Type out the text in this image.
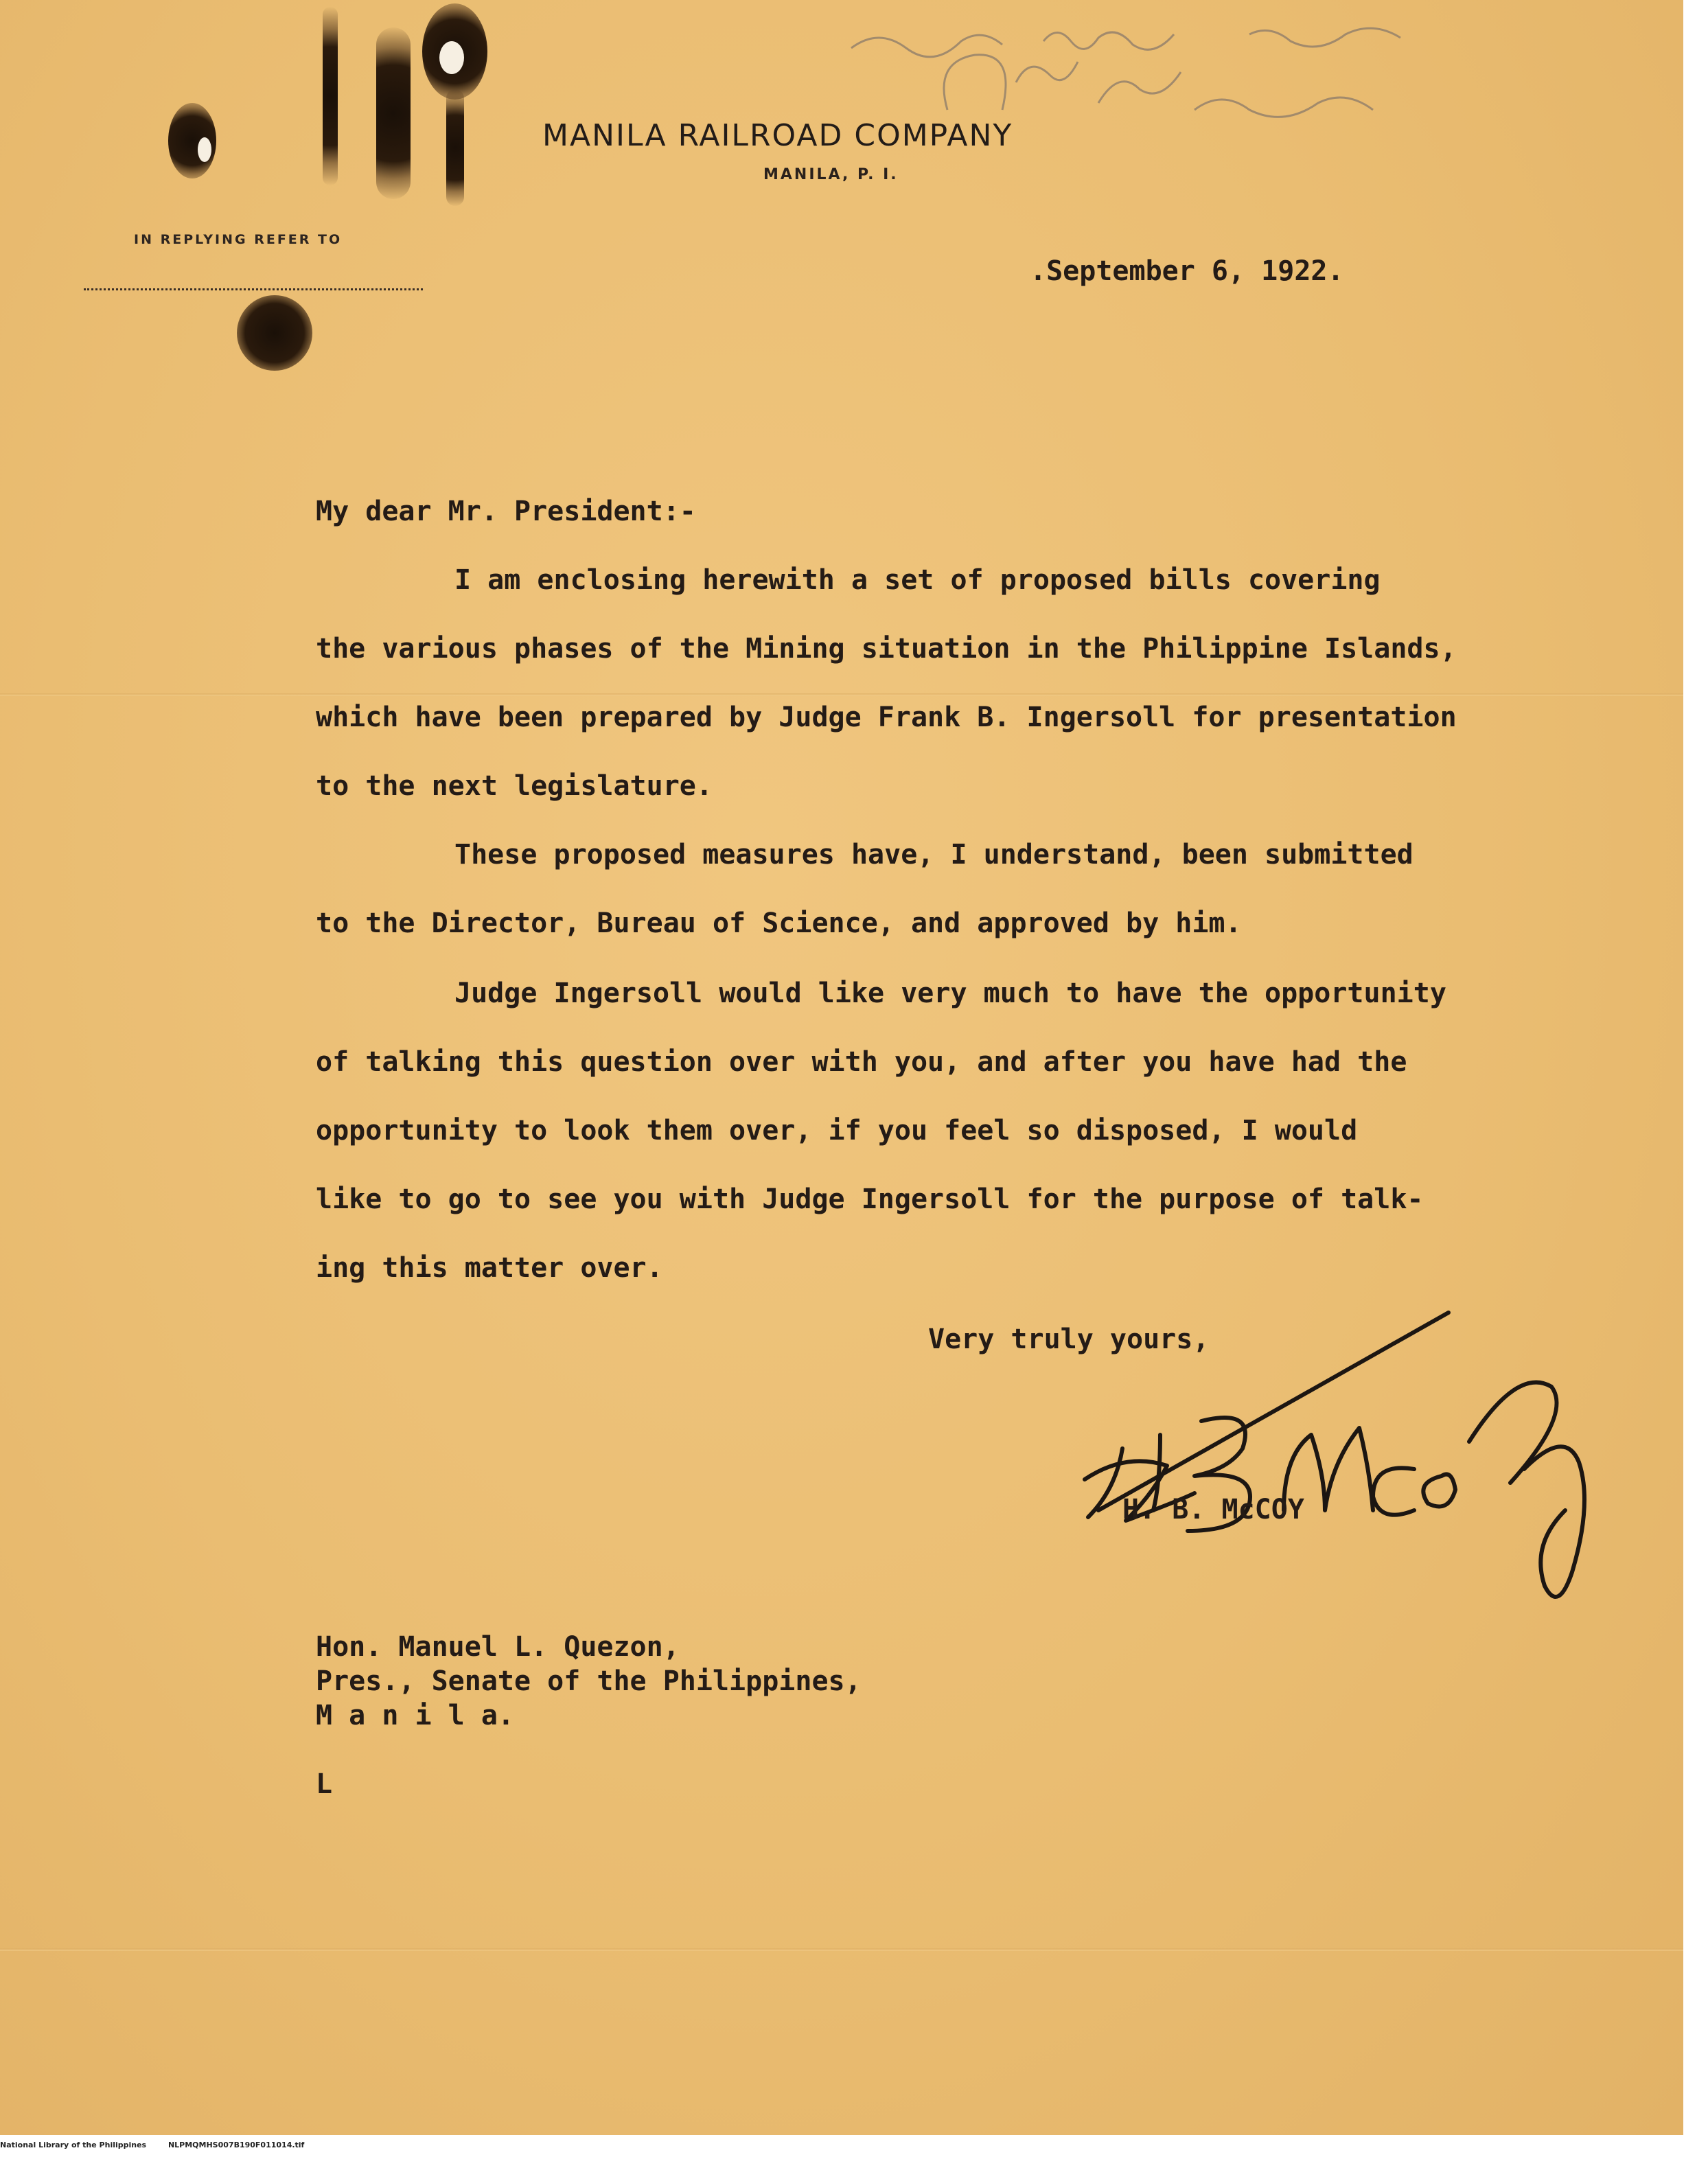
MANILA RAILROAD COMPANY
MANILA, P. I.
IN REPLYING REFER TO
.September 6, 1922.
My dear Mr. President:-
I am enclosing herewith a set of proposed bills covering
the various phases of the Mining situation in the Philippine Islands,
which have been prepared by Judge Frank B. Ingersoll for presentation
to the next legislature.
These proposed measures have, I understand, been submitted
to the Director, Bureau of Science, and approved by him.
Judge Ingersoll would like very much to have the opportunity
of talking this question over with you, and after you have had the
opportunity to look them over, if you feel so disposed, I would
like to go to see you with Judge Ingersoll for the purpose of talk-
ing this matter over.
Very truly yours,
H. B. McCOY
Hon. Manuel L. Quezon,
Pres., Senate of the Philippines,
M a n i l a.
L
National Library of the Philippines	NLPMQMHS007B190F011014.tif
